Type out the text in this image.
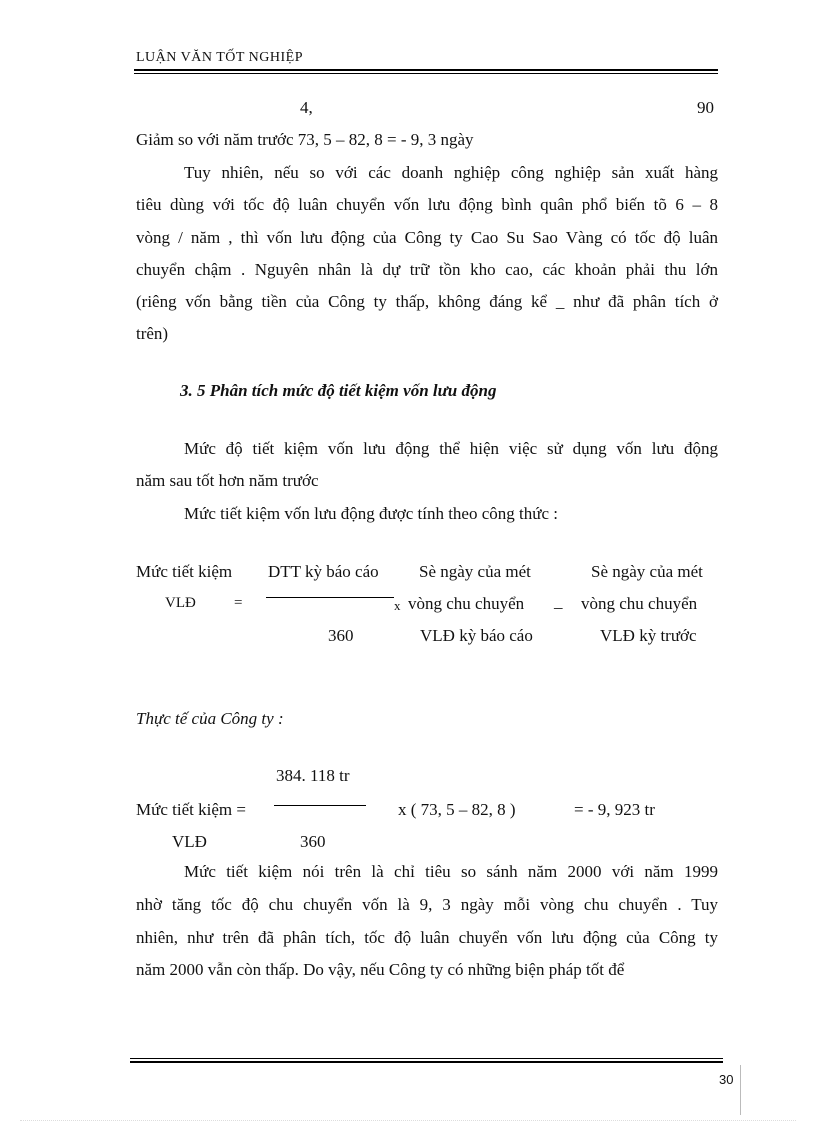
LUẬN VĂN TỐT NGHIỆP
4,	90
Giảm so với năm trước 73, 5 – 82, 8 = - 9, 3 ngày
Tuy nhiên, nếu so với các doanh nghiệp công nghiệp sản xuất hàng
tiêu dùng với tốc độ luân chuyển vốn lưu động bình quân phổ biến tõ 6 – 8
vòng / năm , thì vốn lưu động của Công ty Cao Su Sao Vàng có tốc độ luân
chuyển chậm . Nguyên nhân là dự trữ tồn kho cao, các khoản phải thu lớn
(riêng vốn bằng tiền của Công ty thấp, không đáng kể _ như đã phân tích ở
trên)
3. 5 Phân tích mức độ tiết kiệm vốn lưu động
Mức độ tiết kiệm vốn lưu động thể hiện việc sử dụng vốn lưu động
năm sau tốt hơn năm trước
Mức tiết kiệm vốn lưu động được tính theo công thức :
Mức tiết kiệm
VLĐ	=
DTT kỳ báo cáo
360
x
Sè ngày của mét
vòng chu chuyển
VLĐ kỳ báo cáo
_
Sè ngày của mét
vòng chu chuyển
VLĐ kỳ trước
Thực tế của Công ty :
384. 118 tr
Mức tiết kiệm =	x ( 73, 5 – 82, 8 )	= - 9, 923 tr
VLĐ	360
Mức tiết kiệm nói trên là chỉ tiêu so sánh năm 2000 với năm 1999
nhờ tăng tốc độ chu chuyển vốn là 9, 3 ngày mỗi vòng chu chuyển . Tuy
nhiên, như trên đã phân tích, tốc độ luân chuyển vốn lưu động của Công ty
năm 2000 vẫn còn thấp. Do vậy, nếu Công ty có những biện pháp tốt để
30
